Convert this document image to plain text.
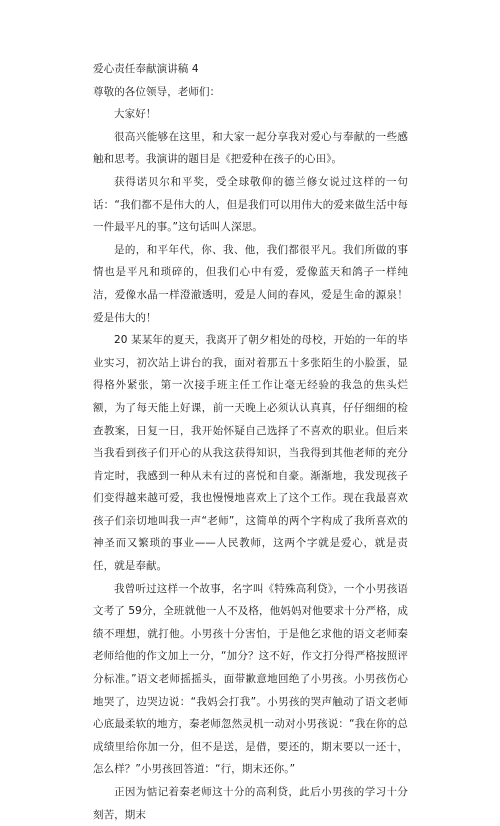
爱心责任奉献演讲稿 4

尊敬的各位领导，老师们：

大家好！

很高兴能够在这里，和大家一起分享我对爱心与奉献的一些感触和思考。我演讲的题目是《把爱种在孩子的心田》。

获得诺贝尔和平奖，受全球敬仰的德兰修女说过这样的一句话：“我们都不是伟大的人，但是我们可以用伟大的爱来做生活中每一件最平凡的事。”这句话叫人深思。

是的，和平年代，你、我、他，我们都很平凡。我们所做的事情也是平凡和琐碎的，但我们心中有爱，爱像蓝天和鸽子一样纯洁，爱像水晶一样澄澈透明，爱是人间的春风，爱是生命的源泉！爱是伟大的！

20 某某年的夏天，我离开了朝夕相处的母校，开始的一年的毕业实习，初次站上讲台的我，面对着那五十多张陌生的小脸蛋，显得格外紧张，第一次接手班主任工作让毫无经验的我急的焦头烂额，为了每天能上好课，前一天晚上必须认认真真，仔仔细细的检查教案，日复一日，我开始怀疑自己选择了不喜欢的职业。但后来当我看到孩子们开心的从我这获得知识，当我得到其他老师的充分肯定时，我感到一种从未有过的喜悦和自豪。渐渐地，我发现孩子们变得越来越可爱，我也慢慢地喜欢上了这个工作。现在我最喜欢孩子们亲切地叫我一声“老师”，这简单的两个字构成了我所喜欢的神圣而又繁琐的事业——人民教师，这两个字就是爱心，就是责任，就是奉献。

我曾听过这样一个故事，名字叫《特殊高利贷》，一个小男孩语文考了 59分，全班就他一人不及格，他妈妈对他要求十分严格，成绩不理想，就打他。小男孩十分害怕，于是他乞求他的语文老师秦老师给他的作文加上一分，“加分？这不好，作文打分得严格按照评分标准。”语文老师摇摇头，面带歉意地回绝了小男孩。小男孩伤心地哭了，边哭边说：“我妈会打我”。小男孩的哭声触动了语文老师心底最柔软的地方，秦老师忽然灵机一动对小男孩说：“我在你的总成绩里给你加一分，但不是送，是借，要还的，期末要以一还十，怎么样？”小男孩回答道：“行，期末还你。”

正因为惦记着秦老师这十分的高利贷，此后小男孩的学习十分刻苦，期末
